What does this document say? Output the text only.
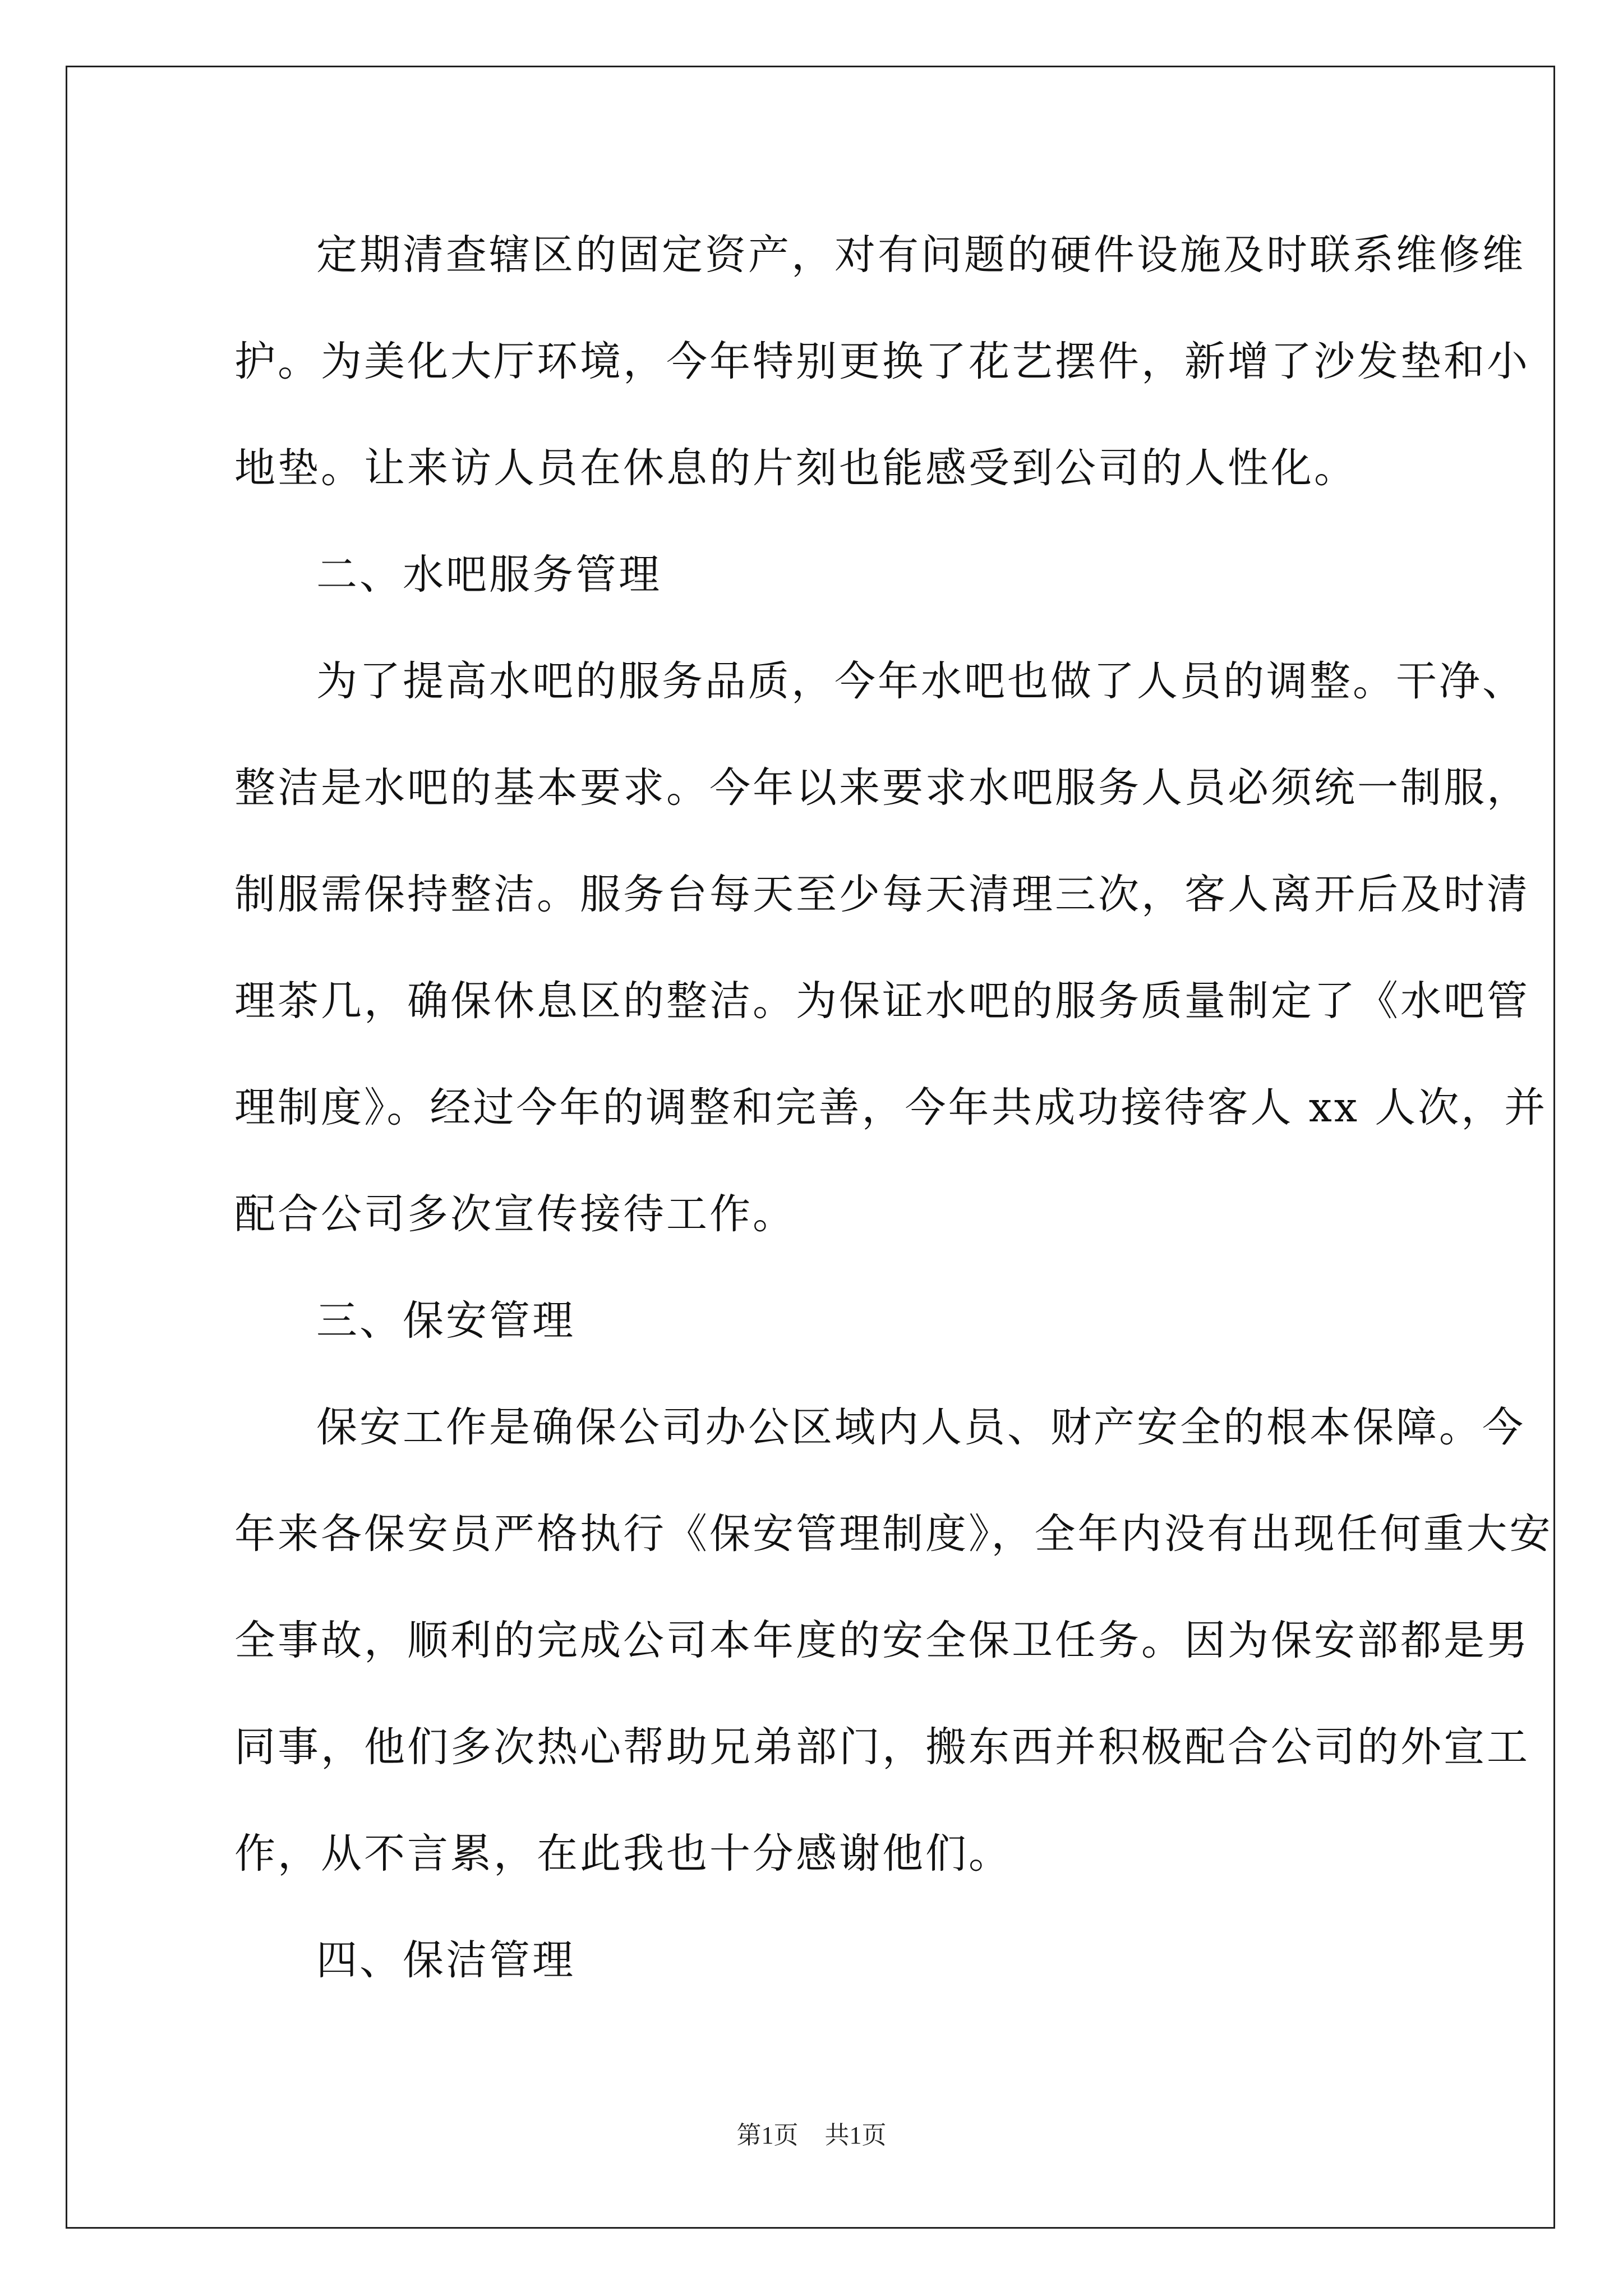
定期清查辖区的固定资产，对有问题的硬件设施及时联系维修维
护。为美化大厅环境，今年特别更换了花艺摆件，新增了沙发垫和小
地垫。让来访人员在休息的片刻也能感受到公司的人性化。

二、水吧服务管理

为了提高水吧的服务品质，今年水吧也做了人员的调整。干净、
整洁是水吧的基本要求。今年以来要求水吧服务人员必须统一制服，
制服需保持整洁。服务台每天至少每天清理三次，客人离开后及时清
理茶几，确保休息区的整洁。为保证水吧的服务质量制定了《水吧管
理制度》。经过今年的调整和完善，今年共成功接待客人 xx 人次，并
配合公司多次宣传接待工作。

三、保安管理

保安工作是确保公司办公区域内人员、财产安全的根本保障。今
年来各保安员严格执行《保安管理制度》，全年内没有出现任何重大安
全事故，顺利的完成公司本年度的安全保卫任务。因为保安部都是男
同事，他们多次热心帮助兄弟部门，搬东西并积极配合公司的外宣工
作，从不言累，在此我也十分感谢他们。

四、保洁管理

第1页 共1页
